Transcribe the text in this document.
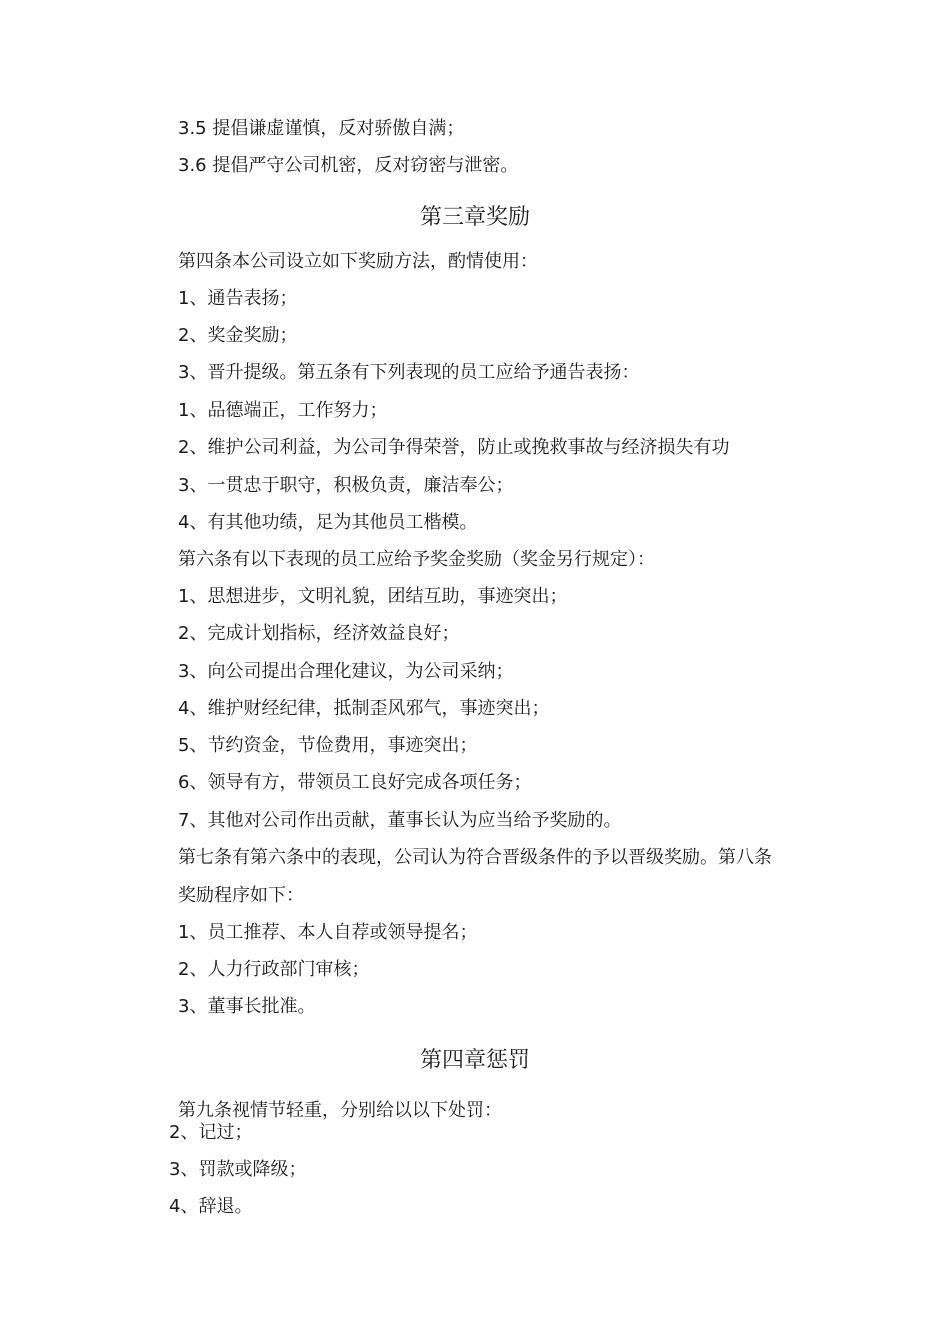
3.5 提倡谦虚谨慎，反对骄傲自满；
3.6 提倡严守公司机密，反对窃密与泄密。
第三章奖励
第四条本公司设立如下奖励方法，酌情使用：
1、通告表扬；
2、奖金奖励；
3、晋升提级。第五条有下列表现的员工应给予通告表扬：
1、品德端正，工作努力；
2、维护公司利益，为公司争得荣誉，防止或挽救事故与经济损失有功
3、一贯忠于职守，积极负责，廉洁奉公；
4、有其他功绩，足为其他员工楷模。
第六条有以下表现的员工应给予奖金奖励（奖金另行规定）：
1、思想进步，文明礼貌，团结互助，事迹突出；
2、完成计划指标，经济效益良好；
3、向公司提出合理化建议，为公司采纳；
4、维护财经纪律，抵制歪风邪气，事迹突出；
5、节约资金，节俭费用，事迹突出；
6、领导有方，带领员工良好完成各项任务；
7、其他对公司作出贡献，董事长认为应当给予奖励的。
第七条有第六条中的表现，公司认为符合晋级条件的予以晋级奖励。第八条
奖励程序如下：
1、员工推荐、本人自荐或领导提名；
2、人力行政部门审核；
3、董事长批准。
第四章惩罚
第九条视情节轻重，分别给以以下处罚：
2、记过；
3、罚款或降级；
4、辞退。
